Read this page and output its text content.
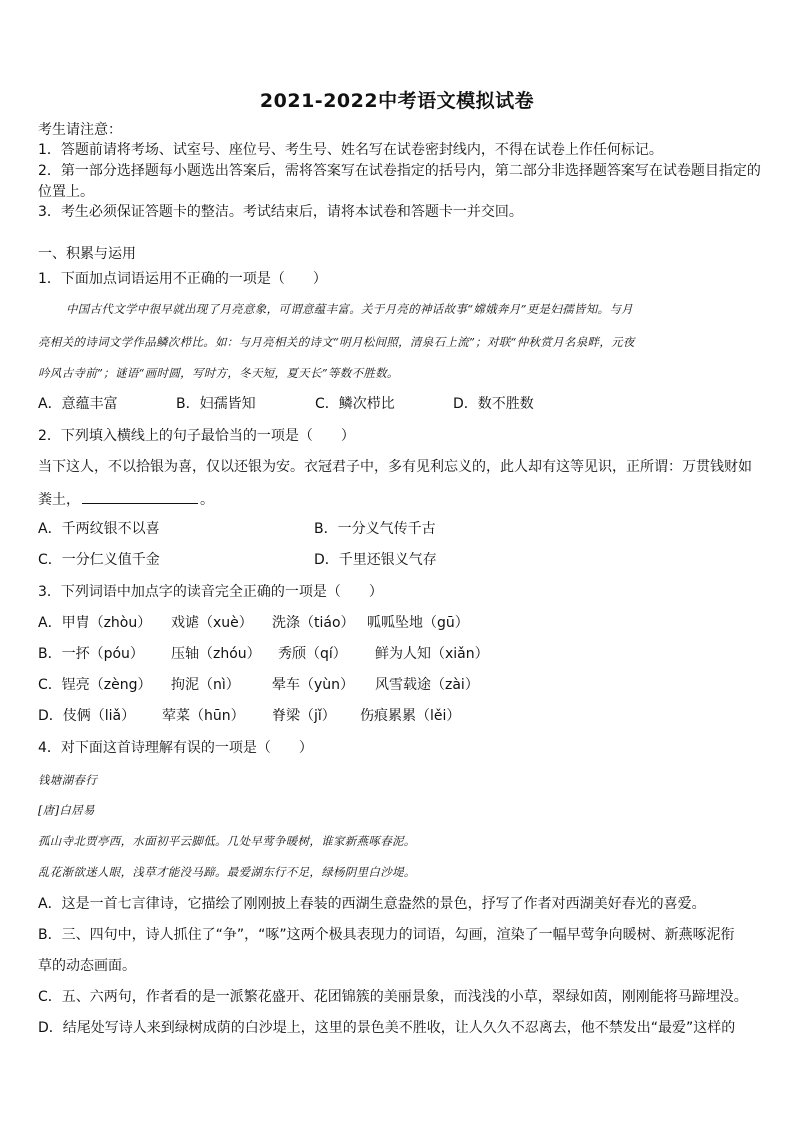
2021-2022中考语文模拟试卷
考生请注意：
1．答题前请将考场、试室号、座位号、考生号、姓名写在试卷密封线内，不得在试卷上作任何标记。
2．第一部分选择题每小题选出答案后，需将答案写在试卷指定的括号内，第二部分非选择题答案写在试卷题目指定的
位置上。
3．考生必须保证答题卡的整洁。考试结束后，请将本试卷和答题卡一并交回。
一、积累与运用
1．下面加点词语运用不正确的一项是（　　）
中国古代文学中很早就出现了月亮意象，可谓意蕴丰富。关于月亮的神话故事“嫦娥奔月”更是妇孺皆知。与月
亮相关的诗词文学作品鳞次栉比。如：与月亮相关的诗文“明月松间照，清泉石上流”；对联“仲秋赏月名泉畔，元夜
吟风古寺前”；谜语“画时圆，写时方，冬天短，夏天长”等数不胜数。
A．意蕴丰富	B．妇孺皆知	C．鳞次栉比	D．数不胜数
2．下列填入横线上的句子最恰当的一项是（　　）
当下这人，不以拾银为喜，仅以还银为安。衣冠君子中，多有见利忘义的，此人却有这等见识，正所谓：万贯钱财如
粪土，	。
A．千两纹银不以喜	B．一分义气传千古
C．一分仁义值千金	D．千里还银义气存
3．下列词语中加点字的读音完全正确的一项是（　　）
A．甲胄（zhòu） 戏谑（xuè） 洗涤（tiáo） 呱呱坠地（gū）
B．一抔（póu） 压轴（zhóu） 秀颀（qí） 鲜为人知（xiǎn）
C．锃亮（zèng） 拘泥（nì） 晕车（yùn） 风雪载途（zài）
D．伎俩（liǎ） 荤菜（hūn） 脊梁（jǐ） 伤痕累累（lěi）
4．对下面这首诗理解有误的一项是（　　）
钱塘湖春行
[唐]白居易
孤山寺北贾亭西，水面初平云脚低。几处早莺争暖树，谁家新燕啄春泥。
乱花渐欲迷人眼，浅草才能没马蹄。最爱湖东行不足，绿杨阴里白沙堤。
A．这是一首七言律诗，它描绘了刚刚披上春装的西湖生意盎然的景色，抒写了作者对西湖美好春光的喜爱。
B．三、四句中，诗人抓住了“争”，“啄”这两个极具表现力的词语，勾画，渲染了一幅早莺争向暖树、新燕啄泥衔
草的动态画面。
C．五、六两句，作者看的是一派繁花盛开、花团锦簇的美丽景象，而浅浅的小草，翠绿如茵，刚刚能将马蹄埋没。
D．结尾处写诗人来到绿树成荫的白沙堤上，这里的景色美不胜收，让人久久不忍离去，他不禁发出“最爱”这样的
